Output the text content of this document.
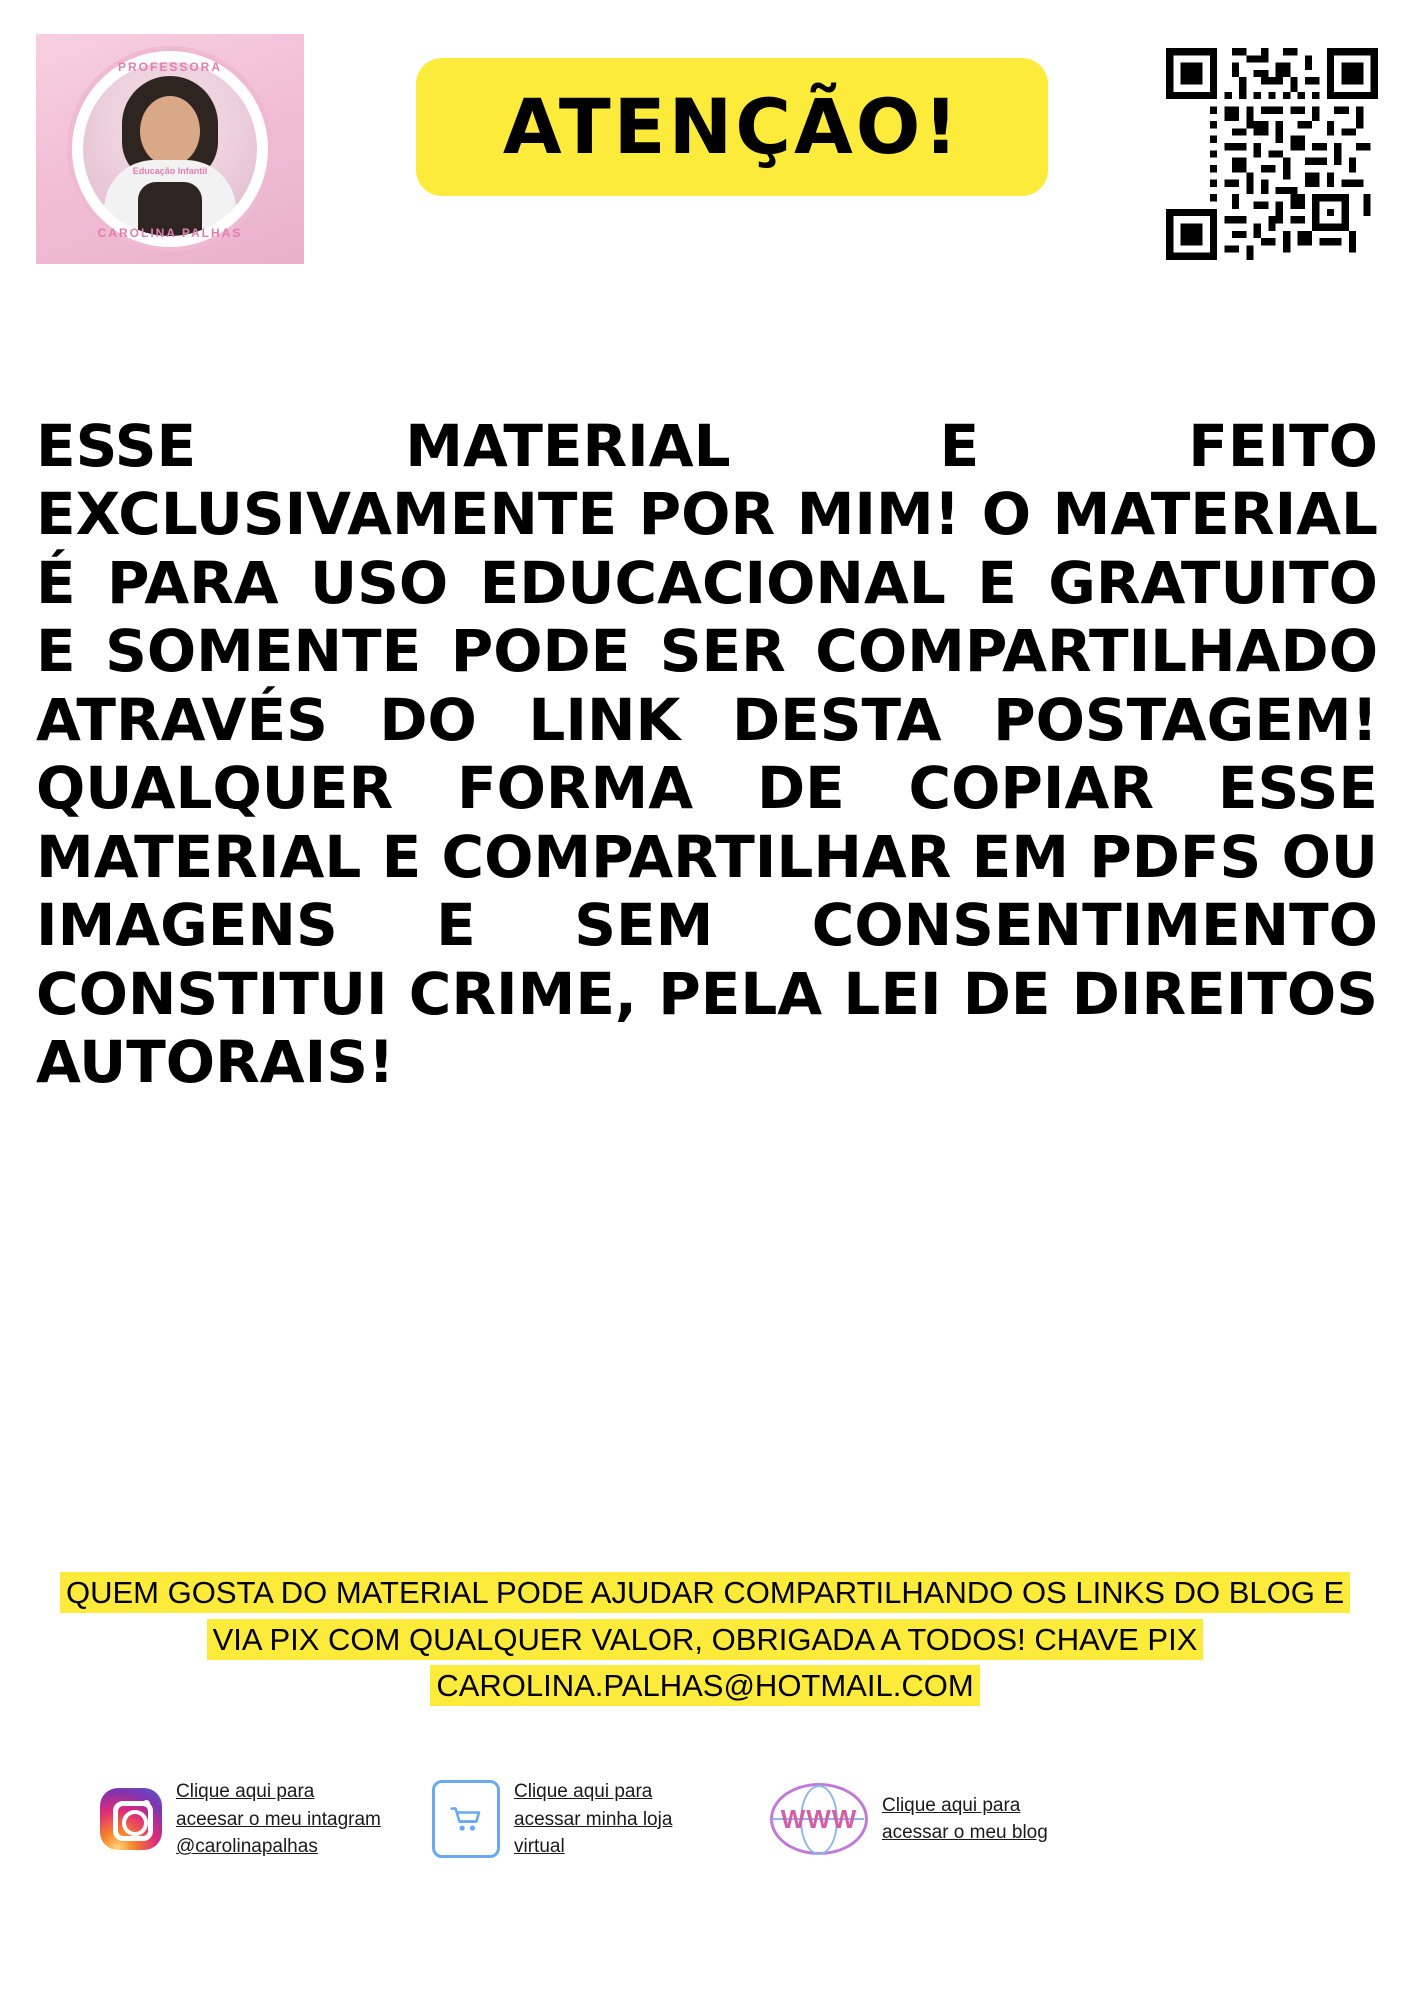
PROFESSORA
Educação Infantil
CAROLINA PALHAS
ATENÇÃO!
ESSE MATERIAL E FEITO EXCLUSIVAMENTE POR MIM! O MATERIAL É PARA USO EDUCACIONAL E GRATUITO E SOMENTE PODE SER COMPARTILHADO ATRAVÉS DO LINK DESTA POSTAGEM! QUALQUER FORMA DE COPIAR ESSE MATERIAL E COMPARTILHAR EM PDFS OU IMAGENS E SEM CONSENTIMENTO CONSTITUI CRIME, PELA LEI DE DIREITOS AUTORAIS!
QUEM GOSTA DO MATERIAL PODE AJUDAR COMPARTILHANDO OS LINKS DO BLOG E VIA PIX COM QUALQUER VALOR, OBRIGADA A TODOS! CHAVE PIX CAROLINA.PALHAS@HOTMAIL.COM
Clique aqui para aceesar o meu intagram @carolinapalhas
Clique aqui para acessar minha loja virtual
WWW Clique aqui para acessar o meu blog
